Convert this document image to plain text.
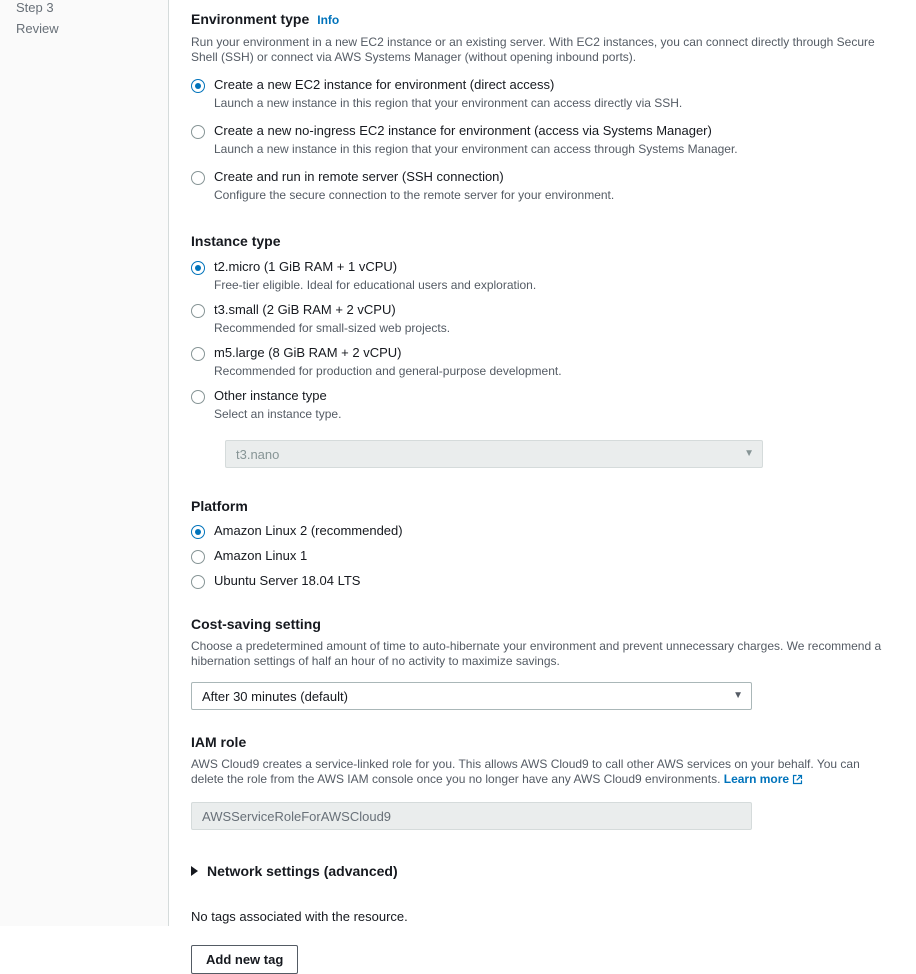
Step 3
Review
Environment type Info
Run your environment in a new EC2 instance or an existing server. With EC2 instances, you can connect directly through Secure Shell (SSH) or connect via AWS Systems Manager (without opening inbound ports).
Create a new EC2 instance for environment (direct access)
Launch a new instance in this region that your environment can access directly via SSH.
Create a new no-ingress EC2 instance for environment (access via Systems Manager)
Launch a new instance in this region that your environment can access through Systems Manager.
Create and run in remote server (SSH connection)
Configure the secure connection to the remote server for your environment.
Instance type
t2.micro (1 GiB RAM + 1 vCPU)
Free-tier eligible. Ideal for educational users and exploration.
t3.small (2 GiB RAM + 2 vCPU)
Recommended for small-sized web projects.
m5.large (8 GiB RAM + 2 vCPU)
Recommended for production and general-purpose development.
Other instance type
Select an instance type.
t3.nano	▼
Platform
Amazon Linux 2 (recommended)
Amazon Linux 1
Ubuntu Server 18.04 LTS
Cost-saving setting
Choose a predetermined amount of time to auto-hibernate your environment and prevent unnecessary charges. We recommend a hibernation settings of half an hour of no activity to maximize savings.
After 30 minutes (default)	▼
IAM role
AWS Cloud9 creates a service-linked role for you. This allows AWS Cloud9 to call other AWS services on your behalf. You can delete the role from the AWS IAM console once you no longer have any AWS Cloud9 environments. Learn more
AWSServiceRoleForAWSCloud9
Network settings (advanced)
No tags associated with the resource.
Add new tag
